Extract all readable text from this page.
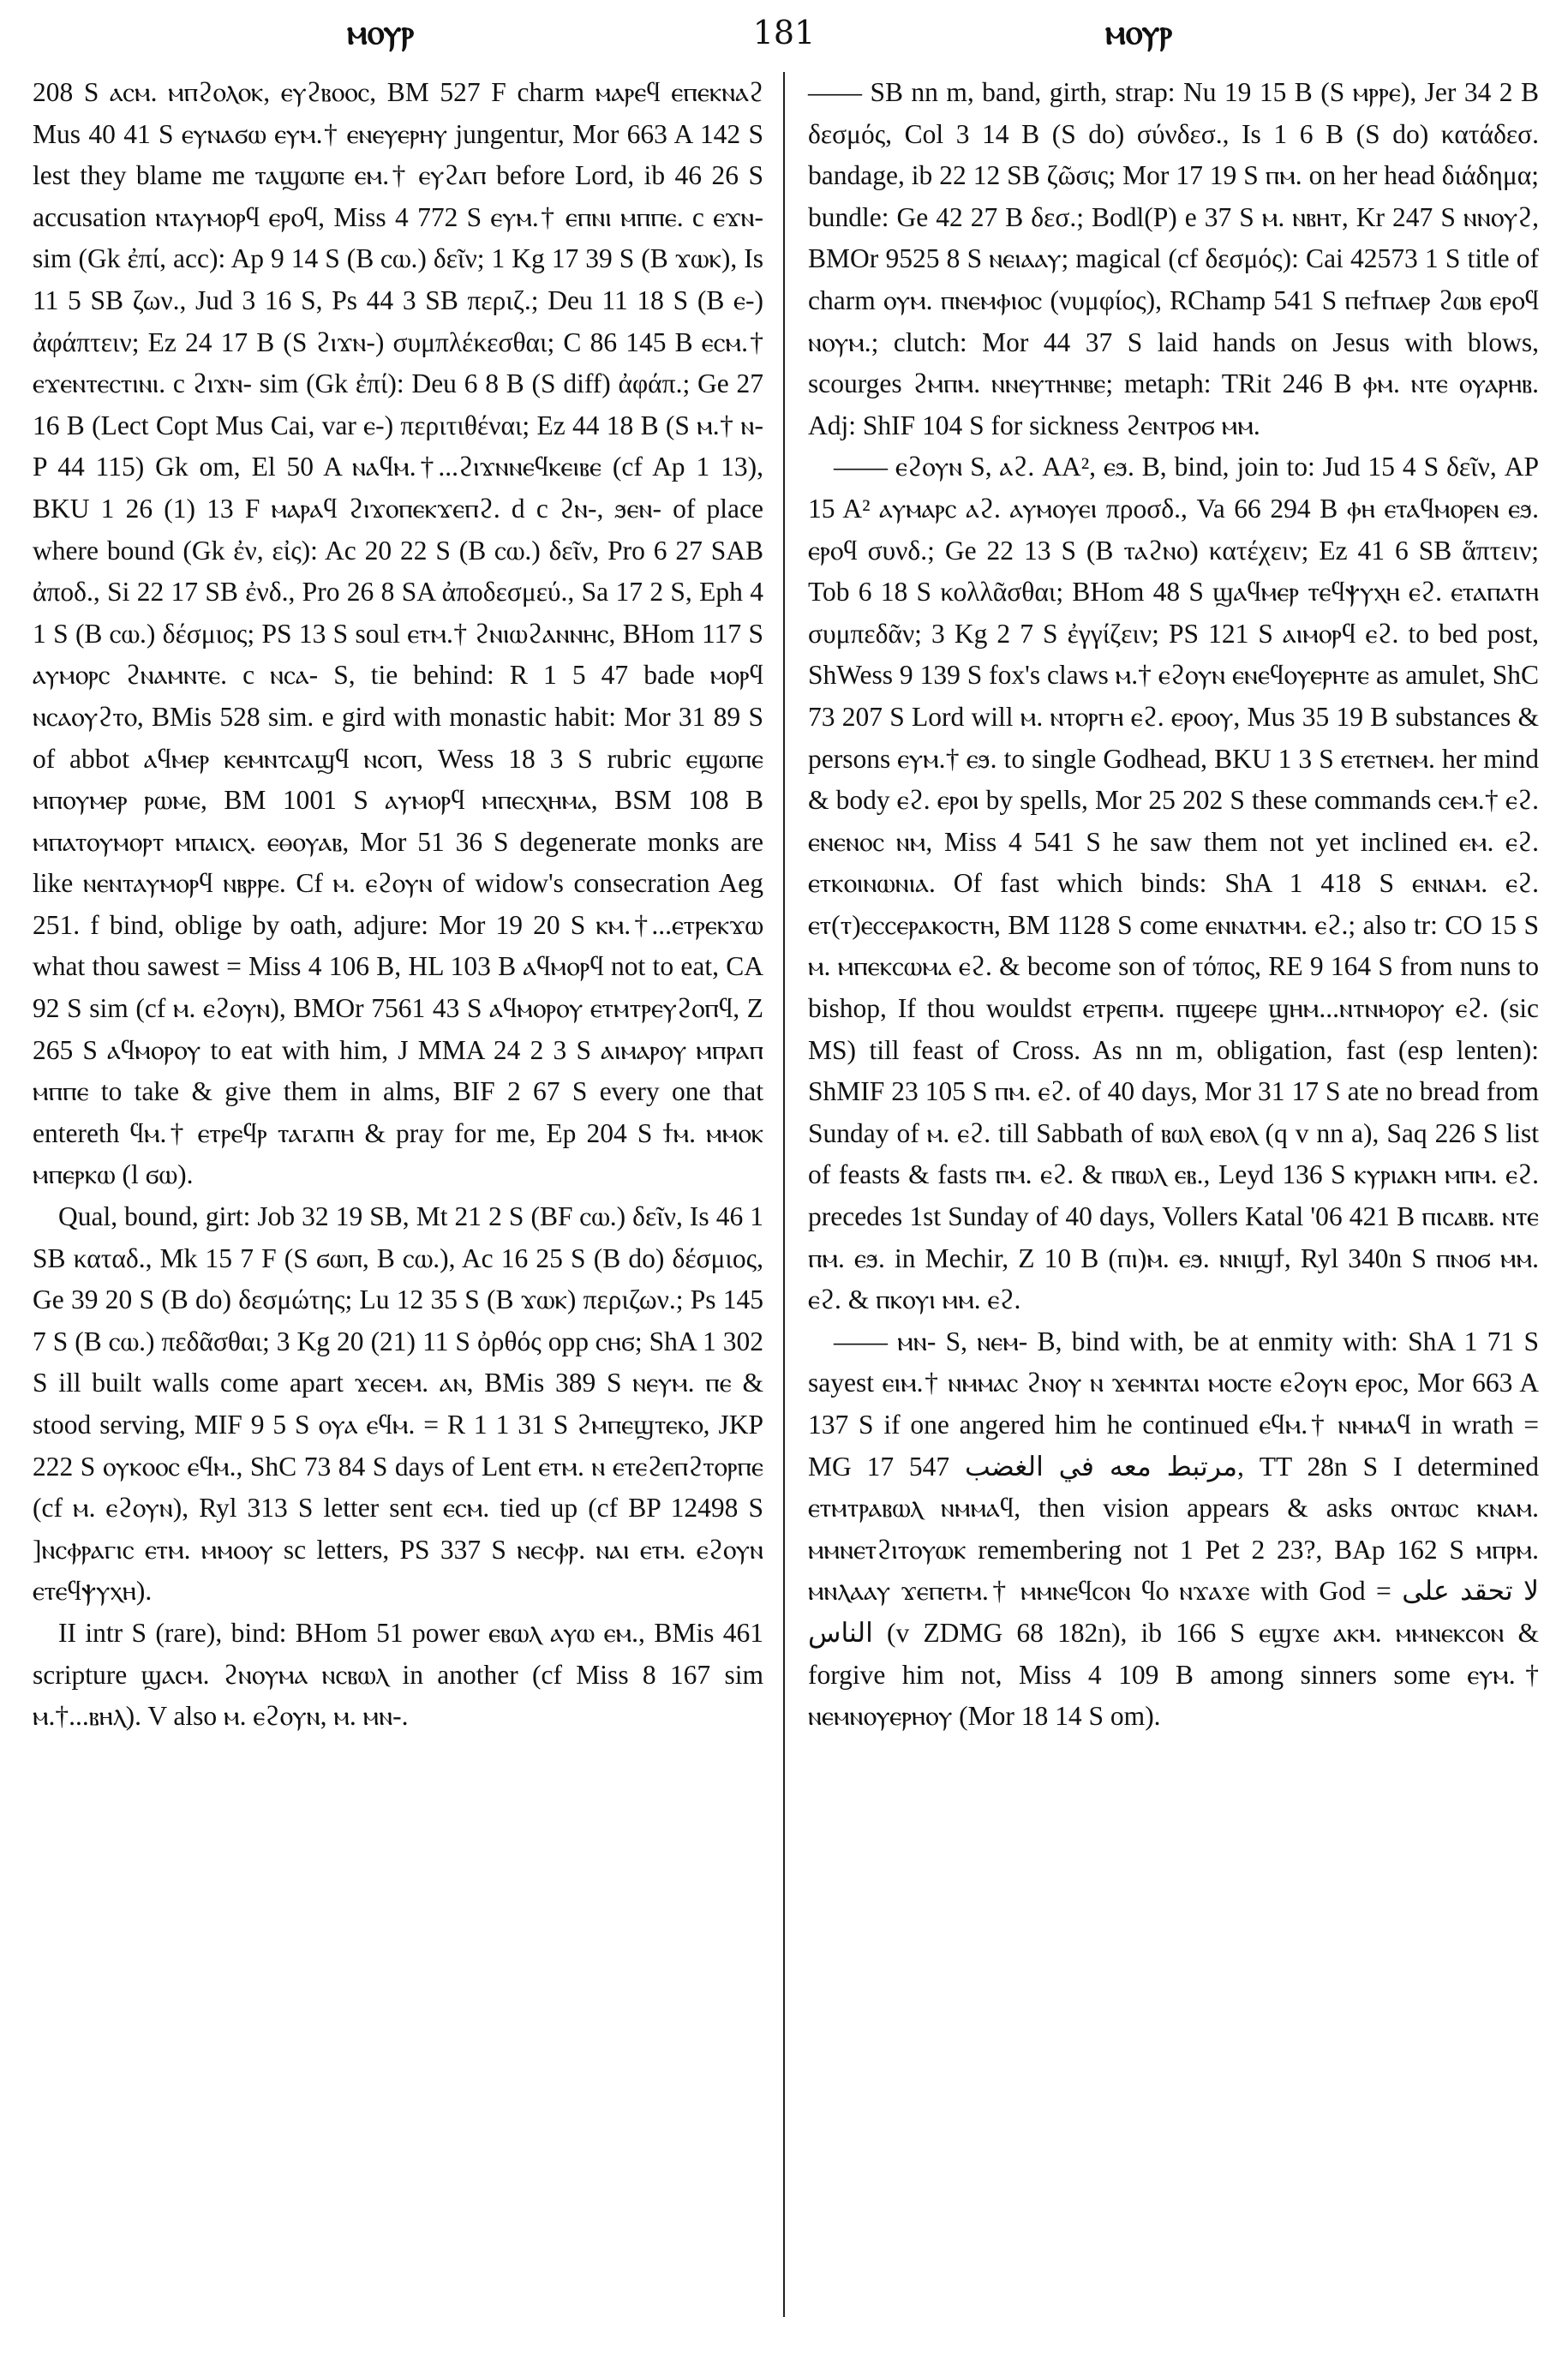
ⲙⲟⲩⲣ	181	ⲙⲟⲩⲣ

208 S ⲁⲥⲙ. ⲙⲡϩⲟⲗⲟⲕ, ⲉⲩϩⲃⲟⲟⲥ, BM 527 F charm ⲙⲁⲣⲉϥ ⲉⲡⲉⲕⲛⲁϩ Mus 40 41 S ⲉⲩⲛⲁϭⲱ ⲉⲩⲙ.† ⲉⲛⲉⲩⲉⲣⲏⲩ jungentur, Mor 663 A 142 S lest they blame me ⲧⲁϣⲱⲡⲉ ⲉⲙ.† ⲉⲩϩⲁⲡ before Lord, ib 46 26 S accusation ⲛⲧⲁⲩⲙⲟⲣϥ ⲉⲣⲟϥ, Miss 4 772 S ⲉⲩⲙ.† ⲉⲡⲛⲓ ⲙⲡⲡⲉ. c ⲉϫⲛ- sim (Gk ἐπί, acc): Ap 9 14 S (B ⲥⲱ.) δεῖν; 1 Kg 17 39 S (B ϫⲱⲕ), Is 11 5 SB ζων., Jud 3 16 S, Ps 44 3 SB περιζ.; Deu 11 18 S (B ⲉ-) ἀφάπτειν; Ez 24 17 B (S ϩⲓϫⲛ-) συμπλέκεσθαι; C 86 145 B ⲉⲥⲙ.† ⲉϫⲉⲛⲧⲉⲥⲧⲓⲛⲓ. c ϩⲓϫⲛ- sim (Gk ἐπί): Deu 6 8 B (S diff) ἀφάπ.; Ge 27 16 B (Lect Copt Mus Cai, var ⲉ-) περιτιθέναι; Ez 44 18 B (S ⲙ.† ⲛ- P 44 115) Gk om, El 50 A ⲛⲁϥⲙ.†...ϩⲓϫⲛⲛⲉϥⲕⲉⲓⲃⲉ (cf Ap 1 13), BKU 1 26 (1) 13 F ⲙⲁⲣⲁϥ ϩⲓϫⲟⲡⲉⲕϫⲉⲡϩ. d c ϩⲛ-, ϧⲉⲛ- of place where bound (Gk ἐν, εἰς): Ac 20 22 S (B ⲥⲱ.) δεῖν, Pro 6 27 SAB ἀποδ., Si 22 17 SB ἐνδ., Pro 26 8 SA ἀποδεσμεύ., Sa 17 2 S, Eph 4 1 S (B ⲥⲱ.) δέσμιος; PS 13 S soul ⲉⲧⲙ.† ϩⲛⲓⲱϩⲁⲛⲛⲏⲥ, BHom 117 S ⲁⲩⲙⲟⲣⲥ ϩⲛⲁⲙⲛⲧⲉ. c ⲛⲥⲁ- S, tie behind: R 1 5 47 bade ⲙⲟⲣϥ ⲛⲥⲁⲟⲩϩⲧⲟ, BMis 528 sim. e gird with monastic habit: Mor 31 89 S of abbot ⲁϥⲙⲉⲣ ⲕⲉⲙⲛⲧⲥⲁϣϥ ⲛⲥⲟⲡ, Wess 18 3 S rubric ⲉϣⲱⲡⲉ ⲙⲡⲟⲩⲙⲉⲣ ⲣⲱⲙⲉ, BM 1001 S ⲁⲩⲙⲟⲣϥ ⲙⲡⲉⲥⲭⲏⲙⲁ, BSM 108 B ⲙⲡⲁⲧⲟⲩⲙⲟⲣⲧ ⲙⲡⲁⲓⲥⲭ. ⲉⲑⲟⲩⲁⲃ, Mor 51 36 S degenerate monks are like ⲛⲉⲛⲧⲁⲩⲙⲟⲣϥ ⲛⲃⲣⲣⲉ. Cf ⲙ. ⲉϩⲟⲩⲛ of widow's consecration Aeg 251. f bind, oblige by oath, adjure: Mor 19 20 S ⲕⲙ.†...ⲉⲧⲣⲉⲕϫⲱ what thou sawest = Miss 4 106 B, HL 103 B ⲁϥⲙⲟⲣϥ not to eat, CA 92 S sim (cf ⲙ. ⲉϩⲟⲩⲛ), BMOr 7561 43 S ⲁϥⲙⲟⲣⲟⲩ ⲉⲧⲙⲧⲣⲉⲩϩⲟⲡϥ, Z 265 S ⲁϥⲙⲟⲣⲟⲩ to eat with him, J MMA 24 2 3 S ⲁⲓⲙⲁⲣⲟⲩ ⲙⲡⲣⲁⲡ ⲙⲡⲡⲉ to take & give them in alms, BIF 2 67 S every one that entereth ϥⲙ.† ⲉⲧⲣⲉϥⲣ ⲧⲁⲅⲁⲡⲏ & pray for me, Ep 204 S ϯⲙ. ⲙⲙⲟⲕ ⲙⲡⲉⲣⲕⲱ (l ϭⲱ).

Qual, bound, girt: Job 32 19 SB, Mt 21 2 S (BF ⲥⲱ.) δεῖν, Is 46 1 SB καταδ., Mk 15 7 F (S ϭⲱⲡ, B ⲥⲱ.), Ac 16 25 S (B do) δέσμιος, Ge 39 20 S (B do) δεσμώτης; Lu 12 35 S (B ϫⲱⲕ) περιζων.; Ps 145 7 S (B ⲥⲱ.) πεδᾶσθαι; 3 Kg 20 (21) 11 S ὀρθός opp ⲥⲏϭ; ShA 1 302 S ill built walls come apart ϫⲉⲥⲉⲙ. ⲁⲛ, BMis 389 S ⲛⲉⲩⲙ. ⲡⲉ & stood serving, MIF 9 5 S ⲟⲩⲁ ⲉϥⲙ. = R 1 1 31 S ϩⲙⲡⲉϣⲧⲉⲕⲟ, JKP 222 S ⲟⲩⲕⲟⲟⲥ ⲉϥⲙ., ShC 73 84 S days of Lent ⲉⲧⲙ. ⲛ ⲉⲧⲉϩⲉⲡϩⲧⲟⲣⲡⲉ (cf ⲙ. ⲉϩⲟⲩⲛ), Ryl 313 S letter sent ⲉⲥⲙ. tied up (cf BP 12498 S ]ⲛⲥⲫⲣⲁⲅⲓⲥ ⲉⲧⲙ. ⲙⲙⲟⲟⲩ sc letters, PS 337 S ⲛⲉⲥⲫⲣ. ⲛⲁⲓ ⲉⲧⲙ. ⲉϩⲟⲩⲛ ⲉⲧⲉϥⲯⲩⲭⲏ).

II intr S (rare), bind: BHom 51 power ⲉⲃⲱⲗ ⲁⲩⲱ ⲉⲙ., BMis 461 scripture ϣⲁⲥⲙ. ϩⲛⲟⲩⲙⲁ ⲛⲥⲃⲱⲗ in another (cf Miss 8 167 sim ⲙ.†...ⲃⲏⲗ). V also ⲙ. ⲉϩⲟⲩⲛ, ⲙ. ⲙⲛ-.

—— SB nn m, band, girth, strap: Nu 19 15 B (S ⲙⲣⲣⲉ), Jer 34 2 B δεσμός, Col 3 14 B (S do) σύνδεσ., Is 1 6 B (S do) κατάδεσ. bandage, ib 22 12 SB ζῶσις; Mor 17 19 S ⲡⲙ. on her head διάδημα; bundle: Ge 42 27 B δεσ.; Bodl(P) e 37 S ⲙ. ⲛⲃⲏⲧ, Kr 247 S ⲛⲛⲟⲩϩ, BMOr 9525 8 S ⲛⲉⲓⲁⲁⲩ; magical (cf δεσμός): Cai 42573 1 S title of charm ⲟⲩⲙ. ⲡⲛⲉⲙⲫⲓⲟⲥ (νυμφίος), RChamp 541 S ⲡⲉϯⲡⲁⲉⲣ ϩⲱⲃ ⲉⲣⲟϥ ⲛⲟⲩⲙ.; clutch: Mor 44 37 S laid hands on Jesus with blows, scourges ϩⲙⲡⲙ. ⲛⲛⲉⲩⲧⲏⲛⲃⲉ; metaph: TRit 246 B ⲫⲙ. ⲛⲧⲉ ⲟⲩⲁⲣⲏⲃ. Adj: ShIF 104 S for sickness ϩⲉⲛⲧⲣⲟϭ ⲙⲙ.

—— ⲉϩⲟⲩⲛ S, ⲁϩ. AA², ⲉϧ. B, bind, join to: Jud 15 4 S δεῖν, AP 15 A² ⲁⲩⲙⲁⲣⲥ ⲁϩ. ⲁⲩⲙⲟⲩⲉⲓ προσδ., Va 66 294 B ⲫⲏ ⲉⲧⲁϥⲙⲟⲣⲉⲛ ⲉϧ. ⲉⲣⲟϥ συνδ.; Ge 22 13 S (B ⲧⲁϩⲛⲟ) κατέχειν; Ez 41 6 SB ἅπτειν; Tob 6 18 S κολλᾶσθαι; BHom 48 S ϣⲁϥⲙⲉⲣ ⲧⲉϥⲯⲩⲭⲏ ⲉϩ. ⲉⲧⲁⲡⲁⲧⲏ συμπεδᾶν; 3 Kg 2 7 S ἐγγίζειν; PS 121 S ⲁⲓⲙⲟⲣϥ ⲉϩ. to bed post, ShWess 9 139 S fox's claws ⲙ.† ⲉϩⲟⲩⲛ ⲉⲛⲉϥⲟⲩⲉⲣⲏⲧⲉ as amulet, ShC 73 207 S Lord will ⲙ. ⲛⲧⲟⲣⲅⲏ ⲉϩ. ⲉⲣⲟⲟⲩ, Mus 35 19 B substances & persons ⲉⲩⲙ.† ⲉϧ. to single Godhead, BKU 1 3 S ⲉⲧⲉⲧⲛⲉⲙ. her mind & body ⲉϩ. ⲉⲣⲟⲓ by spells, Mor 25 202 S these commands ⲥⲉⲙ.† ⲉϩ. ⲉⲛⲉⲛⲟⲥ ⲛⲙ, Miss 4 541 S he saw them not yet inclined ⲉⲙ. ⲉϩ. ⲉⲧⲕⲟⲓⲛⲱⲛⲓⲁ. Of fast which binds: ShA 1 418 S ⲉⲛⲛⲁⲙ. ⲉϩ. ⲉⲧ(ⲧ)ⲉⲥⲥⲉⲣⲁⲕⲟⲥⲧⲏ, BM 1128 S come ⲉⲛⲛⲁⲧⲙⲙ. ⲉϩ.; also tr: CO 15 S ⲙ. ⲙⲡⲉⲕⲥⲱⲙⲁ ⲉϩ. & become son of τόπος, RE 9 164 S from nuns to bishop, If thou wouldst ⲉⲧⲣⲉⲡⲙ. ⲡϣⲉⲉⲣⲉ ϣⲏⲙ...ⲛⲧⲛⲙⲟⲣⲟⲩ ⲉϩ. (sic MS) till feast of Cross. As nn m, obligation, fast (esp lenten): ShMIF 23 105 S ⲡⲙ. ⲉϩ. of 40 days, Mor 31 17 S ate no bread from Sunday of ⲙ. ⲉϩ. till Sabbath of ⲃⲱⲗ ⲉⲃⲟⲗ (q v nn a), Saq 226 S list of feasts & fasts ⲡⲙ. ⲉϩ. & ⲡⲃⲱⲗ ⲉⲃ., Leyd 136 S ⲕⲩⲣⲓⲁⲕⲏ ⲙⲡⲙ. ⲉϩ. precedes 1st Sunday of 40 days, Vollers Katal '06 421 B ⲡⲓⲥⲁⲃⲃ. ⲛⲧⲉ ⲡⲙ. ⲉϧ. in Mechir, Z 10 B (ⲡⲓ)ⲙ. ⲉϧ. ⲛⲛⲓϣϯ, Ryl 340n S ⲡⲛⲟϭ ⲙⲙ. ⲉϩ. & ⲡⲕⲟⲩⲓ ⲙⲙ. ⲉϩ.

—— ⲙⲛ- S, ⲛⲉⲙ- B, bind with, be at enmity with: ShA 1 71 S sayest ⲉⲓⲙ.† ⲛⲙⲙⲁⲥ ϩⲛⲟⲩ ⲛ ϫⲉⲙⲛⲧⲁⲓ ⲙⲟⲥⲧⲉ ⲉϩⲟⲩⲛ ⲉⲣⲟⲥ, Mor 663 A 137 S if one angered him he continued ⲉϥⲙ.† ⲛⲙⲙⲁϥ in wrath = MG 17 547 مرتبط معه في الغضب, TT 28n S I determined ⲉⲧⲙⲧⲣⲁⲃⲱⲗ ⲛⲙⲙⲁϥ, then vision appears & asks ⲟⲛⲧⲱⲥ ⲕⲛⲁⲙ. ⲙⲙⲛⲉⲧϩⲓⲧⲟⲩⲱⲕ remembering not 1 Pet 2 23?, BAp 162 S ⲙⲡⲣⲙ. ⲙⲛⲗⲁⲁⲩ ϫⲉⲡⲉⲧⲙ.† ⲙⲙⲛⲉϥⲥⲟⲛ ϥⲟ ⲛϫⲁϫⲉ with God = لا تحقد على الناس (v ZDMG 68 182n), ib 166 S ⲉϣϫⲉ ⲁⲕⲙ. ⲙⲙⲛⲉⲕⲥⲟⲛ & forgive him not, Miss 4 109 B among sinners some ⲉⲩⲙ.† ⲛⲉⲙⲛⲟⲩⲉⲣⲏⲟⲩ (Mor 18 14 S om).
